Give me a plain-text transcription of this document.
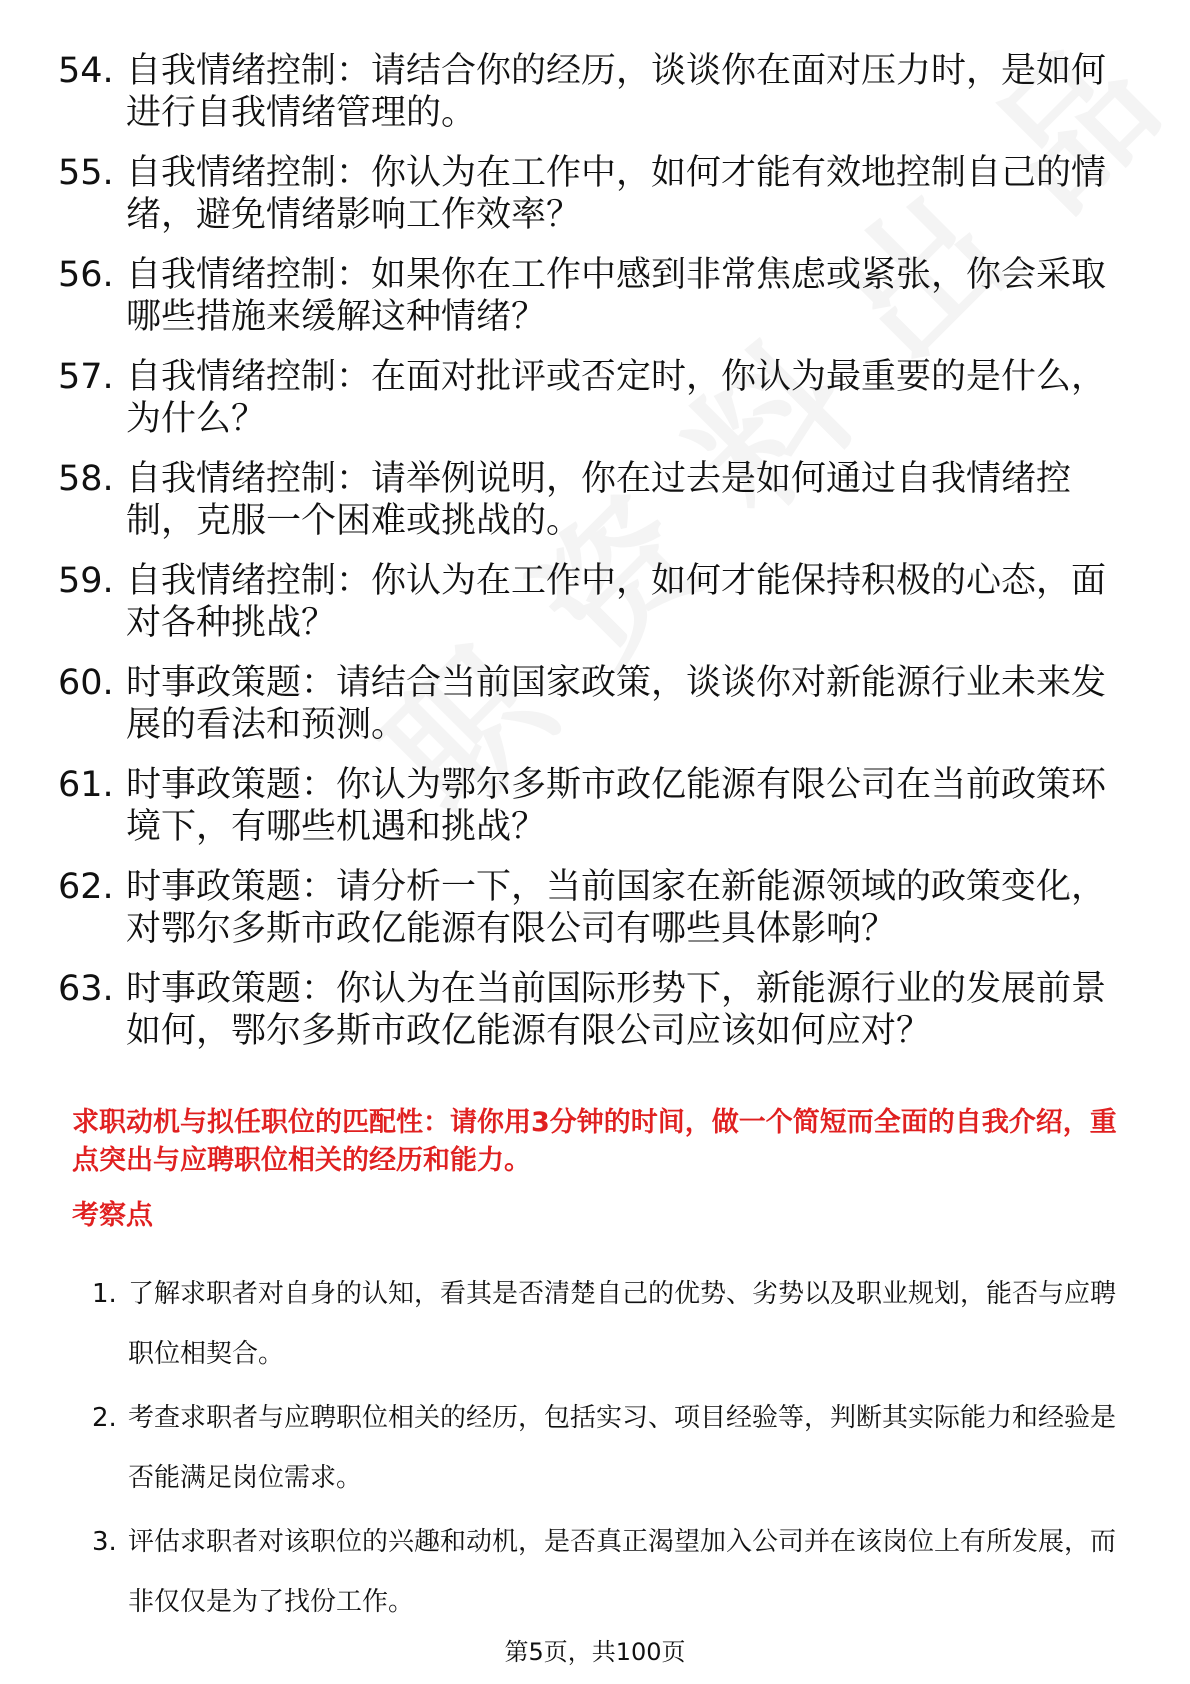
54. 自我情绪控制：请结合你的经历，谈谈你在面对压力时，是如何进行自我情绪管理的。
55. 自我情绪控制：你认为在工作中，如何才能有效地控制自己的情绪，避免情绪影响工作效率？
56. 自我情绪控制：如果你在工作中感到非常焦虑或紧张，你会采取哪些措施来缓解这种情绪？
57. 自我情绪控制：在面对批评或否定时，你认为最重要的是什么，为什么？
58. 自我情绪控制：请举例说明，你在过去是如何通过自我情绪控制，克服一个困难或挑战的。
59. 自我情绪控制：你认为在工作中，如何才能保持积极的心态，面对各种挑战？
60. 时事政策题：请结合当前国家政策，谈谈你对新能源行业未来发展的看法和预测。
61. 时事政策题：你认为鄂尔多斯市政亿能源有限公司在当前政策环境下，有哪些机遇和挑战？
62. 时事政策题：请分析一下，当前国家在新能源领域的政策变化，对鄂尔多斯市政亿能源有限公司有哪些具体影响？
63. 时事政策题：你认为在当前国际形势下，新能源行业的发展前景如何，鄂尔多斯市政亿能源有限公司应该如何应对？
求职动机与拟任职位的匹配性：请你用3分钟的时间，做一个简短而全面的自我介绍，重点突出与应聘职位相关的经历和能力。
考察点
1. 了解求职者对自身的认知，看其是否清楚自己的优势、劣势以及职业规划，能否与应聘职位相契合。
2. 考查求职者与应聘职位相关的经历，包括实习、项目经验等，判断其实际能力和经验是否能满足岗位需求。
3. 评估求职者对该职位的兴趣和动机，是否真正渴望加入公司并在该岗位上有所发展，而非仅仅是为了找份工作。
第5页，共100页
